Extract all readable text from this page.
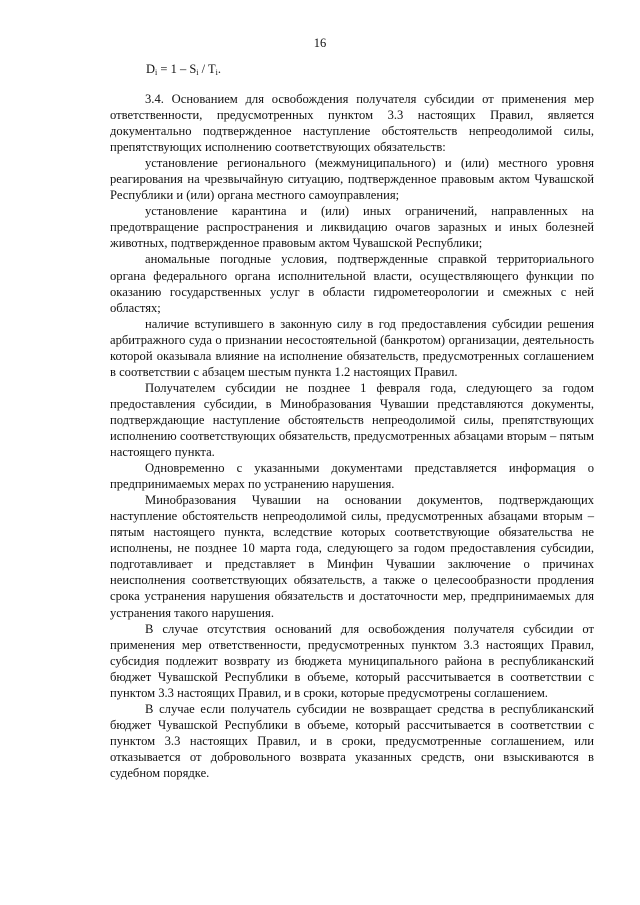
16
$D_i = 1 - S_i / T_i$.

3.4. Основанием для освобождения получателя субсидии от применения мер ответственности, предусмотренных пунктом 3.3 настоящих Правил, является документально подтвержденное наступление обстоятельств непреодолимой силы, препятствующих исполнению соответствующих обязательств:

установление регионального (межмуниципального) и (или) местного уровня реагирования на чрезвычайную ситуацию, подтвержденное правовым актом Чувашской Республики и (или) органа местного самоуправления;

установление карантина и (или) иных ограничений, направленных на предотвращение распространения и ликвидацию очагов заразных и иных болезней животных, подтвержденное правовым актом Чувашской Республики;

аномальные погодные условия, подтвержденные справкой территориального органа федерального органа исполнительной власти, осуществляющего функции по оказанию государственных услуг в области гидрометеорологии и смежных с ней областях;

наличие вступившего в законную силу в год предоставления субсидии решения арбитражного суда о признании несостоятельной (банкротом) организации, деятельность которой оказывала влияние на исполнение обязательств, предусмотренных соглашением в соответствии с абзацем шестым пункта 1.2 настоящих Правил.

Получателем субсидии не позднее 1 февраля года, следующего за годом предоставления субсидии, в Минобразования Чувашии представляются документы, подтверждающие наступление обстоятельств непреодолимой силы, препятствующих исполнению соответствующих обязательств, предусмотренных абзацами вторым – пятым настоящего пункта.

Одновременно с указанными документами представляется информация о предпринимаемых мерах по устранению нарушения.

Минобразования Чувашии на основании документов, подтверждающих наступление обстоятельств непреодолимой силы, предусмотренных абзацами вторым – пятым настоящего пункта, вследствие которых соответствующие обязательства не исполнены, не позднее 10 марта года, следующего за годом предоставления субсидии, подготавливает и представляет в Минфин Чувашии заключение о причинах неисполнения соответствующих обязательств, а также о целесообразности продления срока устранения нарушения обязательств и достаточности мер, предпринимаемых для устранения такого нарушения.

В случае отсутствия оснований для освобождения получателя субсидии от применения мер ответственности, предусмотренных пунктом 3.3 настоящих Правил, субсидия подлежит возврату из бюджета муниципального района в республиканский бюджет Чувашской Республики в объеме, который рассчитывается в соответствии с пунктом 3.3 настоящих Правил, и в сроки, которые предусмотрены соглашением.

В случае если получатель субсидии не возвращает средства в республиканский бюджет Чувашской Республики в объеме, который рассчитывается в соответствии с пунктом 3.3 настоящих Правил, и в сроки, предусмотренные соглашением, или отказывается от добровольного возврата указанных средств, они взыскиваются в судебном порядке.
